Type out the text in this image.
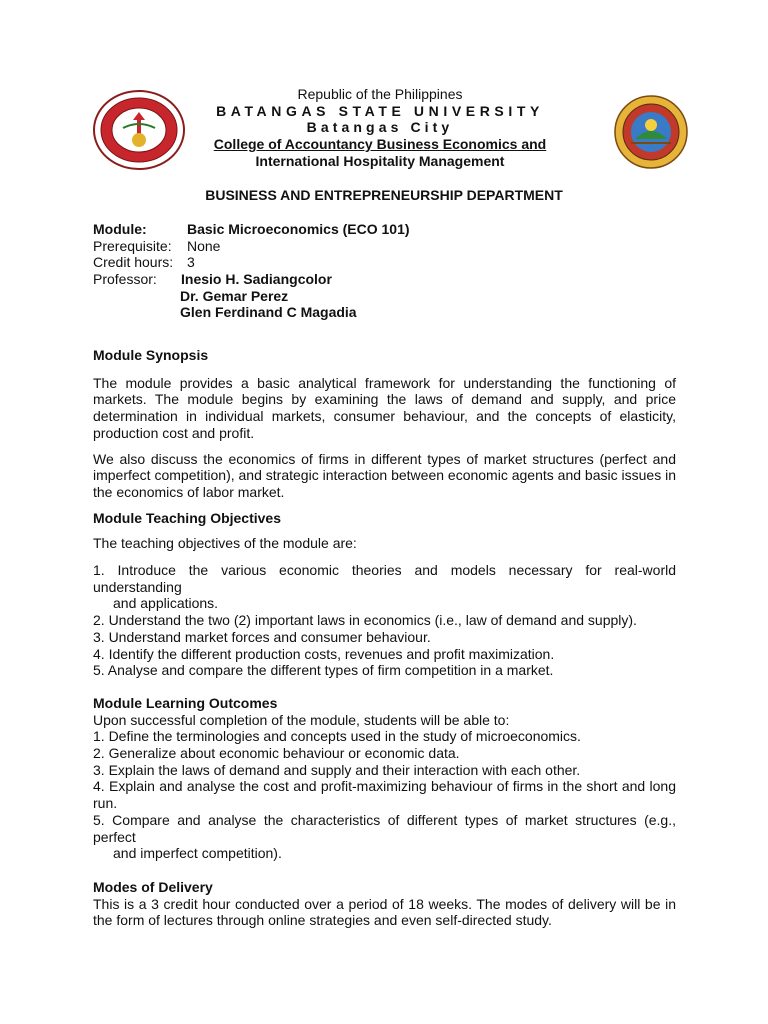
Republic of the Philippines
BATANGAS STATE UNIVERSITY
Batangas City
College of Accountancy Business Economics and
International Hospitality Management
BUSINESS AND ENTREPRENEURSHIP DEPARTMENT
Module:	Basic Microeconomics (ECO 101)
Prerequisite: None
Credit hours: 3
Professor: Inesio H. Sadiangcolor
Dr. Gemar Perez
Glen Ferdinand C Magadia
Module Synopsis

The module provides a basic analytical framework for understanding the functioning of markets. The module begins by examining the laws of demand and supply, and price determination in individual markets, consumer behaviour, and the concepts of elasticity, production cost and profit.

We also discuss the economics of firms in different types of market structures (perfect and imperfect competition), and strategic interaction between economic agents and basic issues in the economics of labor market.

Module Teaching Objectives

The teaching objectives of the module are:

1. Introduce the various economic theories and models necessary for real-world understanding
and applications.
2. Understand the two (2) important laws in economics (i.e., law of demand and supply).
3. Understand market forces and consumer behaviour.
4. Identify the different production costs, revenues and profit maximization.
5. Analyse and compare the different types of firm competition in a market.
Module Learning Outcomes
Upon successful completion of the module, students will be able to:
1. Define the terminologies and concepts used in the study of microeconomics.
2. Generalize about economic behaviour or economic data.
3. Explain the laws of demand and supply and their interaction with each other.
4. Explain and analyse the cost and profit-maximizing behaviour of firms in the short and long run.
5. Compare and analyse the characteristics of different types of market structures (e.g., perfect
and imperfect competition).
Modes of Delivery

This is a 3 credit hour conducted over a period of 18 weeks. The modes of delivery will be in the form of lectures through online strategies and even self-directed study.
